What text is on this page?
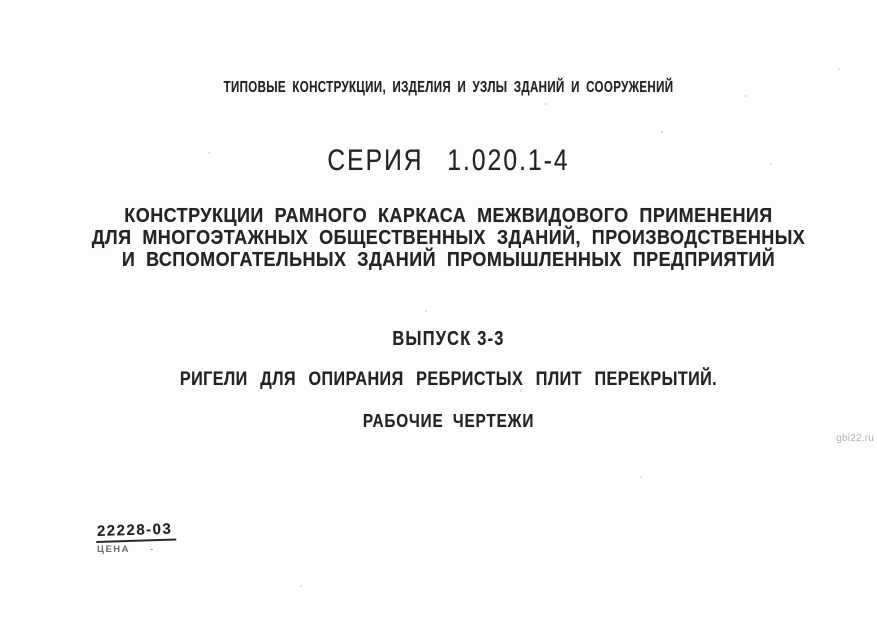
ТИПОВЫЕ КОНСТРУКЦИИ, ИЗДЕЛИЯ И УЗЛЫ ЗДАНИЙ И СООРУЖЕНИЙ
СЕРИЯ 1.020.1-4
КОНСТРУКЦИИ РАМНОГО КАРКАСА МЕЖВИДОВОГО ПРИМЕНЕНИЯ
ДЛЯ МНОГОЭТАЖНЫХ ОБЩЕСТВЕННЫХ ЗДАНИЙ, ПРОИЗВОДСТВЕННЫХ
И ВСПОМОГАТЕЛЬНЫХ ЗДАНИЙ ПРОМЫШЛЕННЫХ ПРЕДПРИЯТИЙ
ВЫПУСК 3-3
РИГЕЛИ ДЛЯ ОПИРАНИЯ РЕБРИСТЫХ ПЛИТ ПЕРЕКРЫТИЙ.
РАБОЧИЕ ЧЕРТЕЖИ
gbi22.ru
22228-03
ЦЕНА -
